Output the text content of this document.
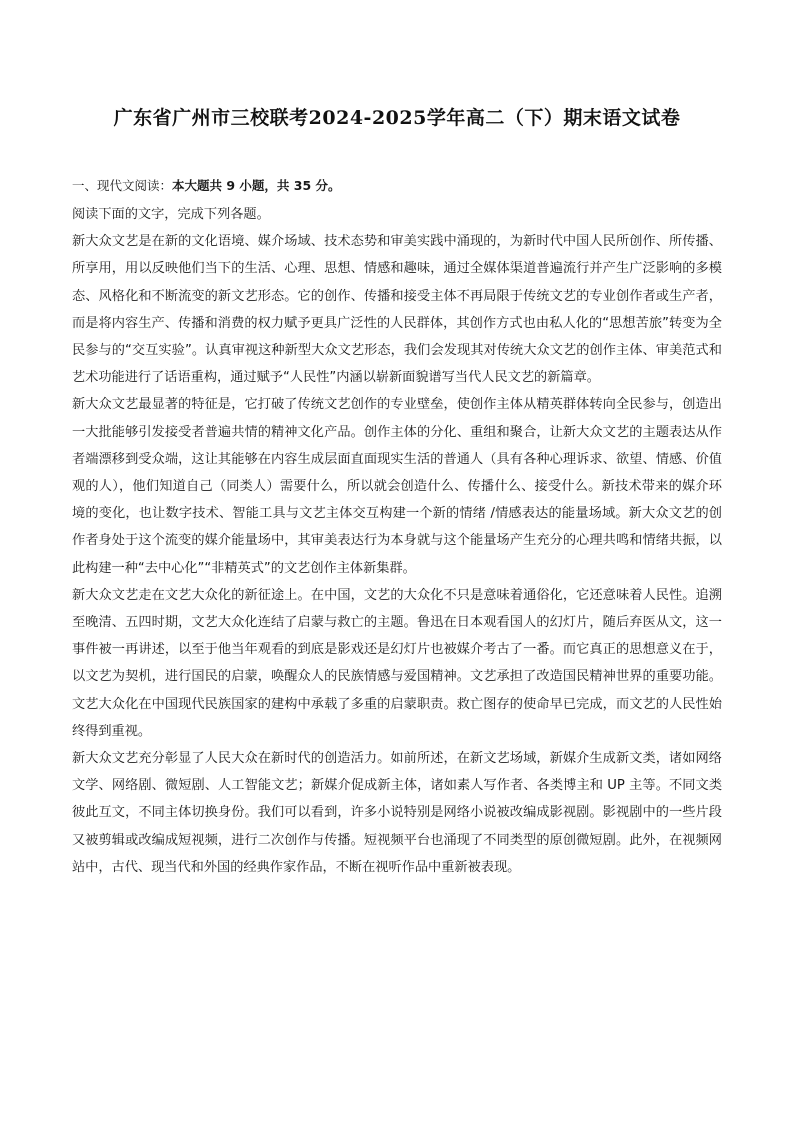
广东省广州市三校联考2024-2025学年高二（下）期末语文试卷
一、现代文阅读：本大题共 9 小题，共 35 分。

阅读下面的文字，完成下列各题。

新大众文艺是在新的文化语境、媒介场域、技术态势和审美实践中涌现的，为新时代中国人民所创作、所传播、所享用，用以反映他们当下的生活、心理、思想、情感和趣味，通过全媒体渠道普遍流行并产生广泛影响的多模态、风格化和不断流变的新文艺形态。它的创作、传播和接受主体不再局限于传统文艺的专业创作者或生产者，而是将内容生产、传播和消费的权力赋予更具广泛性的人民群体，其创作方式也由私人化的“思想苦旅”转变为全民参与的“交互实验”。认真审视这种新型大众文艺形态，我们会发现其对传统大众文艺的创作主体、审美范式和艺术功能进行了话语重构，通过赋予“人民性”内涵以崭新面貌谱写当代人民文艺的新篇章。

新大众文艺最显著的特征是，它打破了传统文艺创作的专业壁垒，使创作主体从精英群体转向全民参与，创造出一大批能够引发接受者普遍共情的精神文化产品。创作主体的分化、重组和聚合，让新大众文艺的主题表达从作者端漂移到受众端，这让其能够在内容生成层面直面现实生活的普通人（具有各种心理诉求、欲望、情感、价值观的人），他们知道自己（同类人）需要什么，所以就会创造什么、传播什么、接受什么。新技术带来的媒介环境的变化，也让数字技术、智能工具与文艺主体交互构建一个新的情绪 /情感表达的能量场域。新大众文艺的创作者身处于这个流变的媒介能量场中，其审美表达行为本身就与这个能量场产生充分的心理共鸣和情绪共振，以此构建一种“去中心化”“非精英式”的文艺创作主体新集群。

新大众文艺走在文艺大众化的新征途上。在中国，文艺的大众化不只是意味着通俗化，它还意味着人民性。追溯至晚清、五四时期，文艺大众化连结了启蒙与救亡的主题。鲁迅在日本观看国人的幻灯片，随后弃医从文，这一事件被一再讲述，以至于他当年观看的到底是影戏还是幻灯片也被媒介考古了一番。而它真正的思想意义在于，以文艺为契机，进行国民的启蒙，唤醒众人的民族情感与爱国精神。文艺承担了改造国民精神世界的重要功能。文艺大众化在中国现代民族国家的建构中承载了多重的启蒙职责。救亡图存的使命早已完成，而文艺的人民性始终得到重视。

新大众文艺充分彰显了人民大众在新时代的创造活力。如前所述，在新文艺场域，新媒介生成新文类，诸如网络文学、网络剧、微短剧、人工智能文艺；新媒介促成新主体，诸如素人写作者、各类博主和 UP 主等。不同文类彼此互文，不同主体切换身份。我们可以看到，许多小说特别是网络小说被改编成影视剧。影视剧中的一些片段又被剪辑或改编成短视频，进行二次创作与传播。短视频平台也涌现了不同类型的原创微短剧。此外，在视频网站中，古代、现当代和外国的经典作家作品，不断在视听作品中重新被表现。
